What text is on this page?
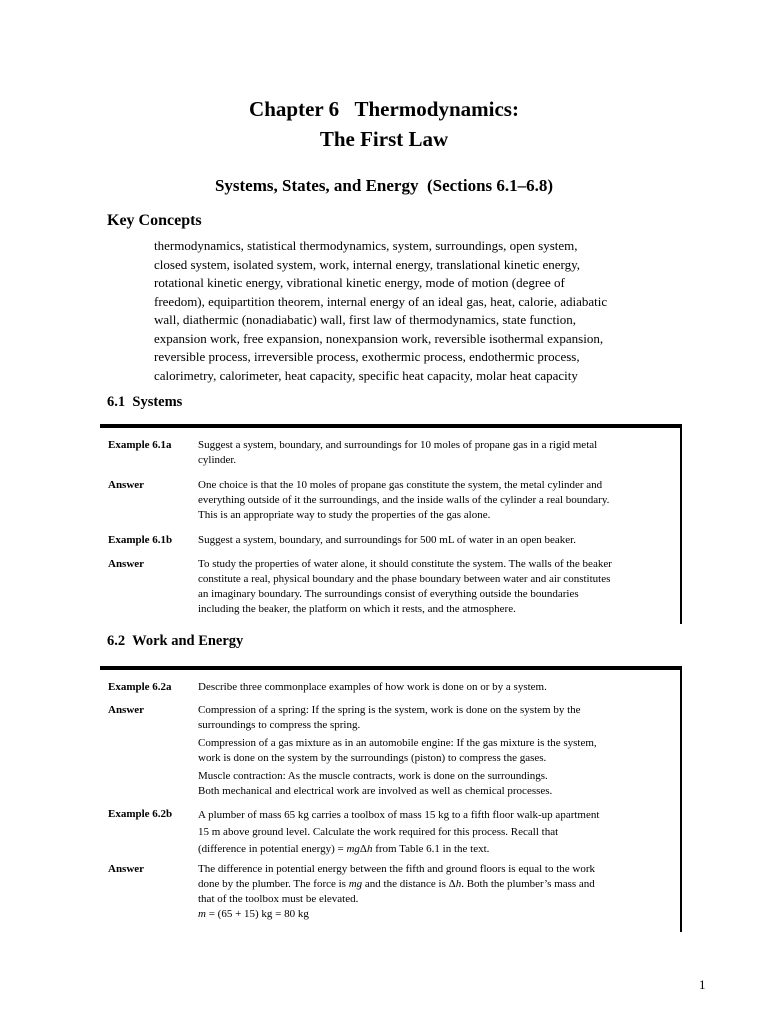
Chapter 6   Thermodynamics:
The First Law
Systems, States, and Energy  (Sections 6.1–6.8)
Key Concepts
thermodynamics, statistical thermodynamics, system, surroundings, open system,
closed system, isolated system, work, internal energy, translational kinetic energy,
rotational kinetic energy, vibrational kinetic energy, mode of motion (degree of
freedom), equipartition theorem, internal energy of an ideal gas, heat, calorie, adiabatic
wall, diathermic (nonadiabatic) wall, first law of thermodynamics, state function,
expansion work, free expansion, nonexpansion work, reversible isothermal expansion,
reversible process, irreversible process, exothermic process, endothermic process,
calorimetry, calorimeter, heat capacity, specific heat capacity, molar heat capacity
6.1  Systems
Example 6.1a	Suggest a system, boundary, and surroundings for 10 moles of propane gas in a rigid metal
cylinder.
Answer	One choice is that the 10 moles of propane gas constitute the system, the metal cylinder and
everything outside of it the surroundings, and the inside walls of the cylinder a real boundary.
This is an appropriate way to study the properties of the gas alone.
Example 6.1b	Suggest a system, boundary, and surroundings for 500 mL of water in an open beaker.
Answer	To study the properties of water alone, it should constitute the system. The walls of the beaker
constitute a real, physical boundary and the phase boundary between water and air constitutes
an imaginary boundary. The surroundings consist of everything outside the boundaries
including the beaker, the platform on which it rests, and the atmosphere.
6.2  Work and Energy
Example 6.2a	Describe three commonplace examples of how work is done on or by a system.
Answer	Compression of a spring: If the spring is the system, work is done on the system by the
surroundings to compress the spring.
Compression of a gas mixture as in an automobile engine: If the gas mixture is the system,
work is done on the system by the surroundings (piston) to compress the gases.
Muscle contraction: As the muscle contracts, work is done on the surroundings.
Both mechanical and electrical work are involved as well as chemical processes.
Example 6.2b	A plumber of mass 65 kg carries a toolbox of mass 15 kg to a fifth floor walk-up apartment
15 m above ground level. Calculate the work required for this process. Recall that
(difference in potential energy) = mgΔh from Table 6.1 in the text.
Answer	The difference in potential energy between the fifth and ground floors is equal to the work
done by the plumber. The force is mg and the distance is Δh. Both the plumber’s mass and
that of the toolbox must be elevated.
m = (65 + 15) kg = 80 kg
1
